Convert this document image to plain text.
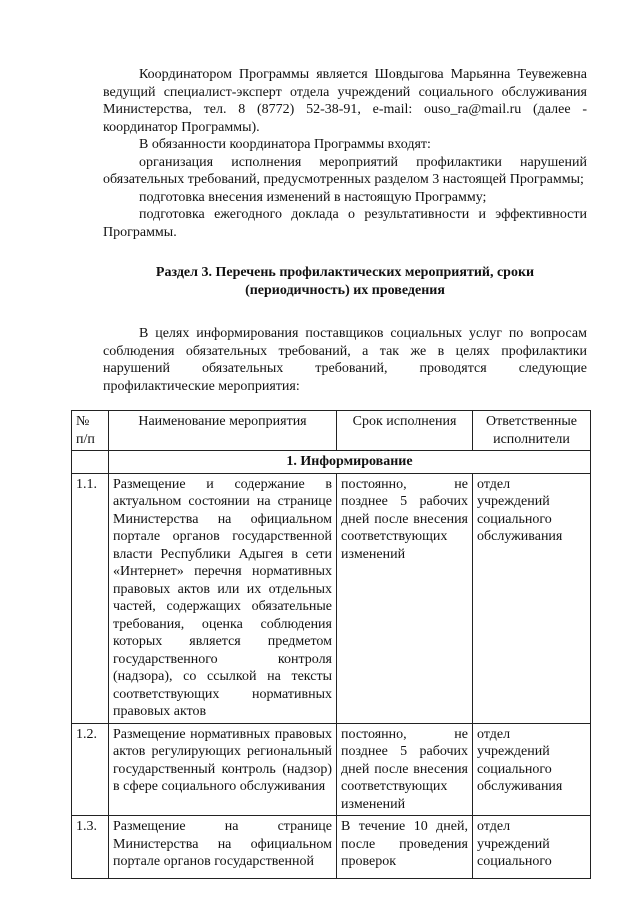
Координатором Программы является Шовдыгова Марьянна Теувежевна ведущий специалист-эксперт отдела учреждений социального обслуживания Министерства, тел. 8 (8772) 52-38-91, e-mail: ouso_ra@mail.ru (далее - координатор Программы).

В обязанности координатора Программы входят:

организация исполнения мероприятий профилактики нарушений обязательных требований, предусмотренных разделом 3 настоящей Программы;

подготовка внесения изменений в настоящую Программу;

подготовка ежегодного доклада о результативности и эффективности Программы.

Раздел 3. Перечень профилактических мероприятий, сроки
(периодичность) их проведения

В целях информирования поставщиков социальных услуг по вопросам соблюдения обязательных требований, а так же в целях профилактики нарушений обязательных требований, проводятся следующие профилактические мероприятия:

№ п/п	Наименование мероприятия	Срок исполнения	Ответственные исполнители
	1. Информирование		
1.1.	Размещение и содержание в актуальном состоянии на странице Министерства на официальном портале органов государственной власти Республики Адыгея в сети «Интернет» перечня нормативных правовых актов или их отдельных частей, содержащих обязательные требования, оценка соблюдения которых является предметом государственного контроля (надзора), со ссылкой на тексты соответствующих нормативных правовых актов	постоянно, не позднее 5 рабочих дней после внесения соответствующих изменений	отдел учреждений социального обслуживания
1.2.	Размещение нормативных правовых актов регулирующих региональный государственный контроль (надзор) в сфере социального обслуживания	постоянно, не позднее 5 рабочих дней после внесения соответствующих изменений	отдел учреждений социального обслуживания
1.3.	Размещение на странице Министерства на официальном портале органов государственной	В течение 10 дней, после проведения проверок	отдел учреждений социального
